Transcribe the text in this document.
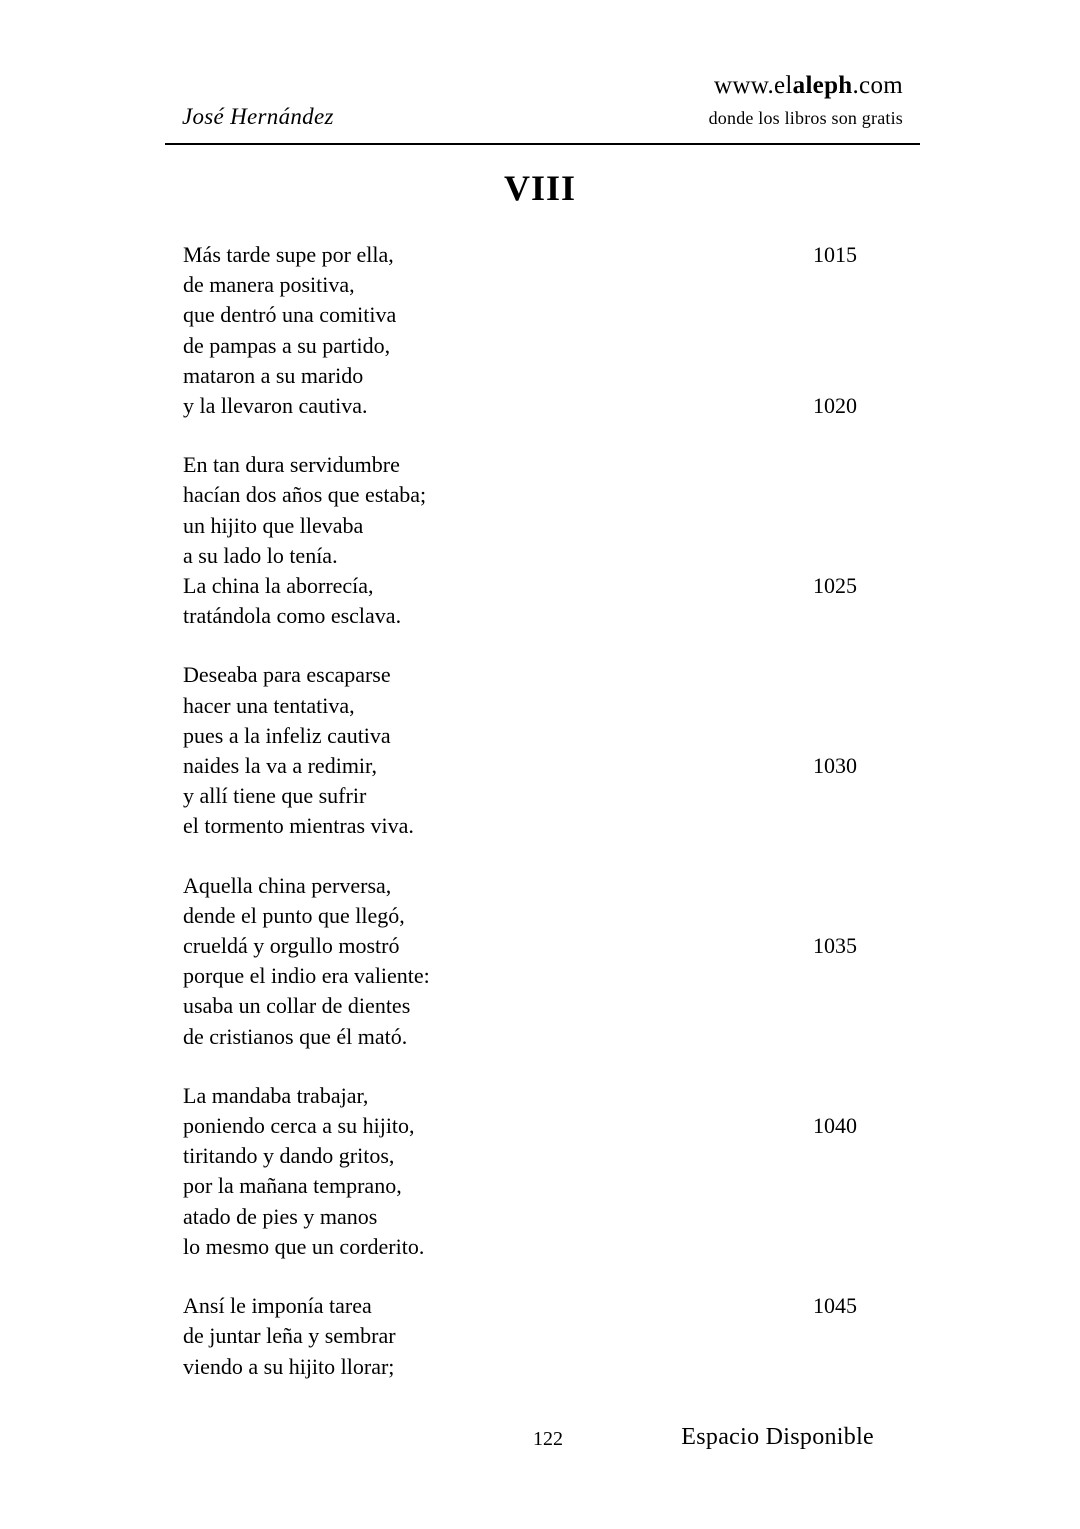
José Hernández
www.elaleph.com
donde los libros son gratis
VIII
Más tarde supe por ella,	1015
de manera positiva,
que dentró una comitiva
de pampas a su partido,
mataron a su marido
y la llevaron cautiva.	1020
En tan dura servidumbre
hacían dos años que estaba;
un hijito que llevaba
a su lado lo tenía.
La china la aborrecía,	1025
tratándola como esclava.
Deseaba para escaparse
hacer una tentativa,
pues a la infeliz cautiva
naides la va a redimir,	1030
y allí tiene que sufrir
el tormento mientras viva.
Aquella china perversa,
dende el punto que llegó,
crueldá y orgullo mostró	1035
porque el indio era valiente:
usaba un collar de dientes
de cristianos que él mató.
La mandaba trabajar,
poniendo cerca a su hijito,	1040
tiritando y dando gritos,
por la mañana temprano,
atado de pies y manos
lo mesmo que un corderito.
Ansí le imponía tarea	1045
de juntar leña y sembrar
viendo a su hijito llorar;
122	Espacio Disponible
